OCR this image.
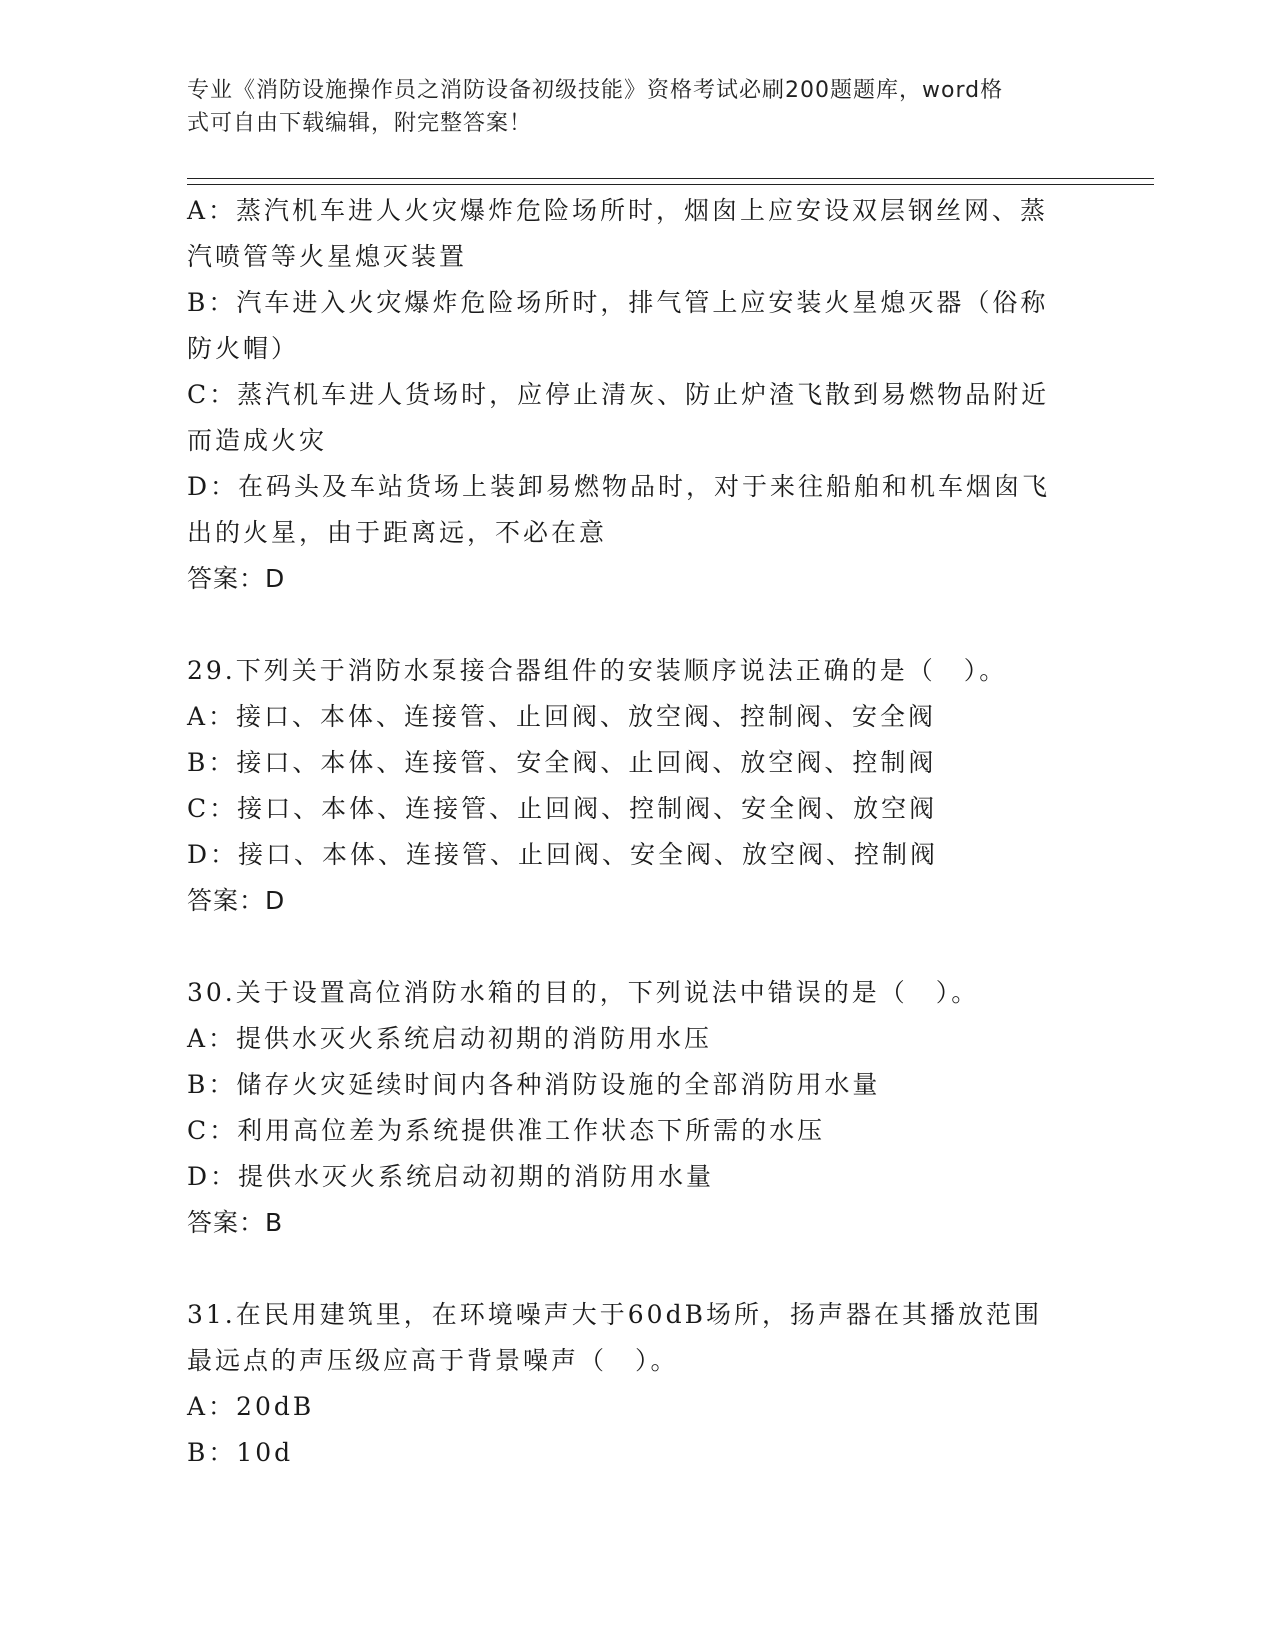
专业《消防设施操作员之消防设备初级技能》资格考试必刷200题题库，word格
式可自由下载编辑，附完整答案！
A：蒸汽机车进人火灾爆炸危险场所时，烟囱上应安设双层钢丝网、蒸
汽喷管等火星熄灭装置
B：汽车进入火灾爆炸危险场所时，排气管上应安装火星熄灭器（俗称
防火帽）
C：蒸汽机车进人货场时，应停止清灰、防止炉渣飞散到易燃物品附近
而造成火灾
D：在码头及车站货场上装卸易燃物品时，对于来往船舶和机车烟囱飞
出的火星，由于距离远，不必在意
答案：D
29.下列关于消防水泵接合器组件的安装顺序说法正确的是（　）。
A：接口、本体、连接管、止回阀、放空阀、控制阀、安全阀
B：接口、本体、连接管、安全阀、止回阀、放空阀、控制阀
C：接口、本体、连接管、止回阀、控制阀、安全阀、放空阀
D：接口、本体、连接管、止回阀、安全阀、放空阀、控制阀
答案：D
30.关于设置高位消防水箱的目的，下列说法中错误的是（　）。
A：提供水灭火系统启动初期的消防用水压
B：储存火灾延续时间内各种消防设施的全部消防用水量
C：利用高位差为系统提供准工作状态下所需的水压
D：提供水灭火系统启动初期的消防用水量
答案：B
31.在民用建筑里，在环境噪声大于60dB场所，扬声器在其播放范围
最远点的声压级应高于背景噪声（　）。
A：20dB
B：10d
